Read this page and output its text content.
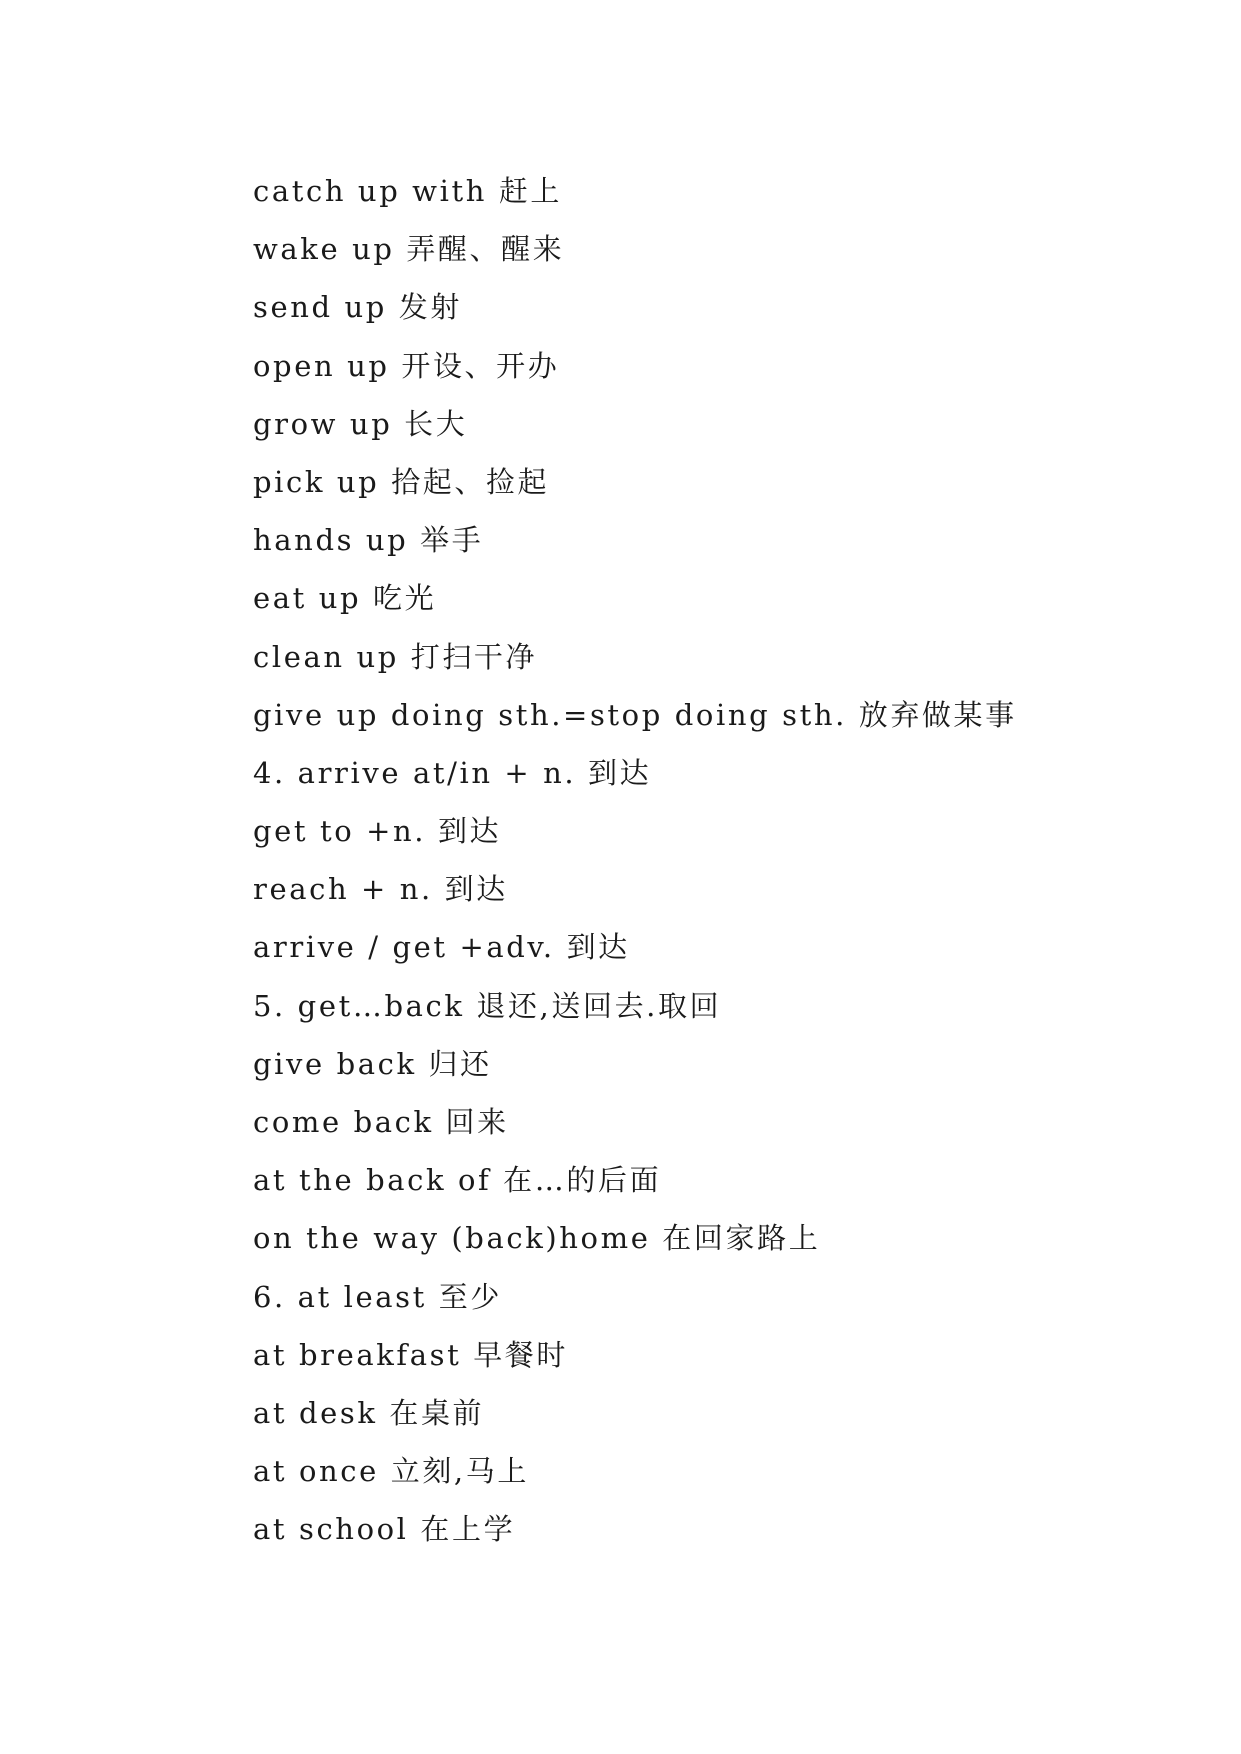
catch up with 赶上
wake up 弄醒、醒来
send up 发射
open up 开设、开办
grow up 长大
pick up 拾起、捡起
hands up 举手
eat up 吃光
clean up 打扫干净
give up doing sth.=stop doing sth. 放弃做某事
4. arrive at/in + n. 到达
get to +n. 到达
reach + n. 到达
arrive / get +adv. 到达
5. get…back 退还,送回去.取回
give back 归还
come back 回来
at the back of 在…的后面
on the way (back)home 在回家路上
6. at least 至少
at breakfast 早餐时
at desk 在桌前
at once 立刻,马上
at school 在上学
